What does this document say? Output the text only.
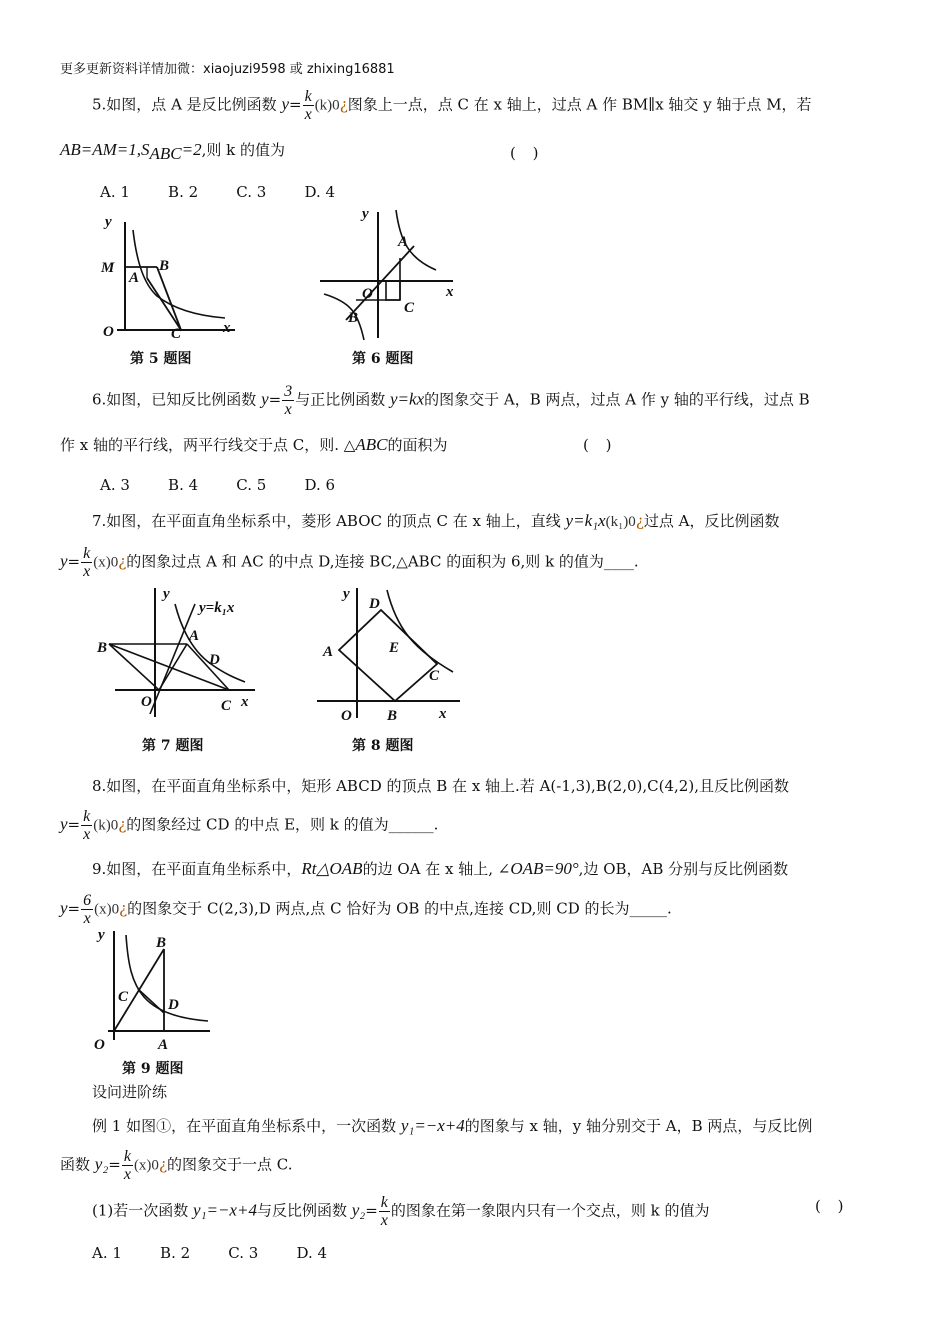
更多更新资料详情加微：xiaojuzi9598 或 zhixing16881
5.如图，点 A 是反比例函数 $y= \frac{k}{x}$ (k)0¿图象上一点，点 C 在 x 轴上，过点 A 作 BM∥x 轴交 y 轴于点 M，若
$AB=AM=1,S_{ABC}=2$,则 k 的值为	( )
A. 1        B. 2        C. 3        D. 4
y
M
A
B
O	C	x
第 5 题图
y
A
O
C
B
x
第 6 题图
6.如图，已知反比例函数 $y= \frac{3}{x}$ 与正比例函数 y=kx的图象交于 A，B 两点，过点 A 作 y 轴的平行线，过点 B
作 x 轴的平行线，两平行线交于点 C，则. △ABC的面积为	( )
A. 3        B. 4        C. 5        D. 6
7.如图，在平面直角坐标系中，菱形 ABOC 的顶点 C 在 x 轴上，直线 y=k₁x(k₁)0¿过点 A，反比例函数
$y= \frac{k}{x}$ (x)0¿的图象过点 A 和 AC 的中点 D,连接 BC,△ABC 的面积为 6,则 k 的值为____.
y
y=k₁x
A
B
D
O	C x
第 7 题图
y
D
A	E
C
O B	x
第 8 题图
8.如图，在平面直角坐标系中，矩形 ABCD 的顶点 B 在 x 轴上.若 A(-1,3),B(2,0),C(4,2),且反比例函数
$y= \frac{k}{x}$ (k)0¿的图象经过 CD 的中点 E，则 k 的值为______.
9.如图，在平面直角坐标系中，Rt△OAB的边 OA 在 x 轴上, ∠OAB=90°,边 OB，AB 分别与反比例函数
$y= \frac{6}{x}$ (x)0¿的图象交于 C(2,3),D 两点,点 C 恰好为 OB 的中点,连接 CD,则 CD 的长为_____.
y	B
C	D
O	A
第 9 题图
设问进阶练
例 1 如图①，在平面直角坐标系中，一次函数 y₁=−x+4的图象与 x 轴，y 轴分别交于 A，B 两点，与反比例
函数 $y_2= \frac{k}{x}$ (x)0¿的图象交于一点 C.
(1)若一次函数 y₁=−x+4与反比例函数 $y_2= \frac{k}{x}$ 的图象在第一象限内只有一个交点，则 k 的值为	( )
A. 1        B. 2        C. 3        D. 4
